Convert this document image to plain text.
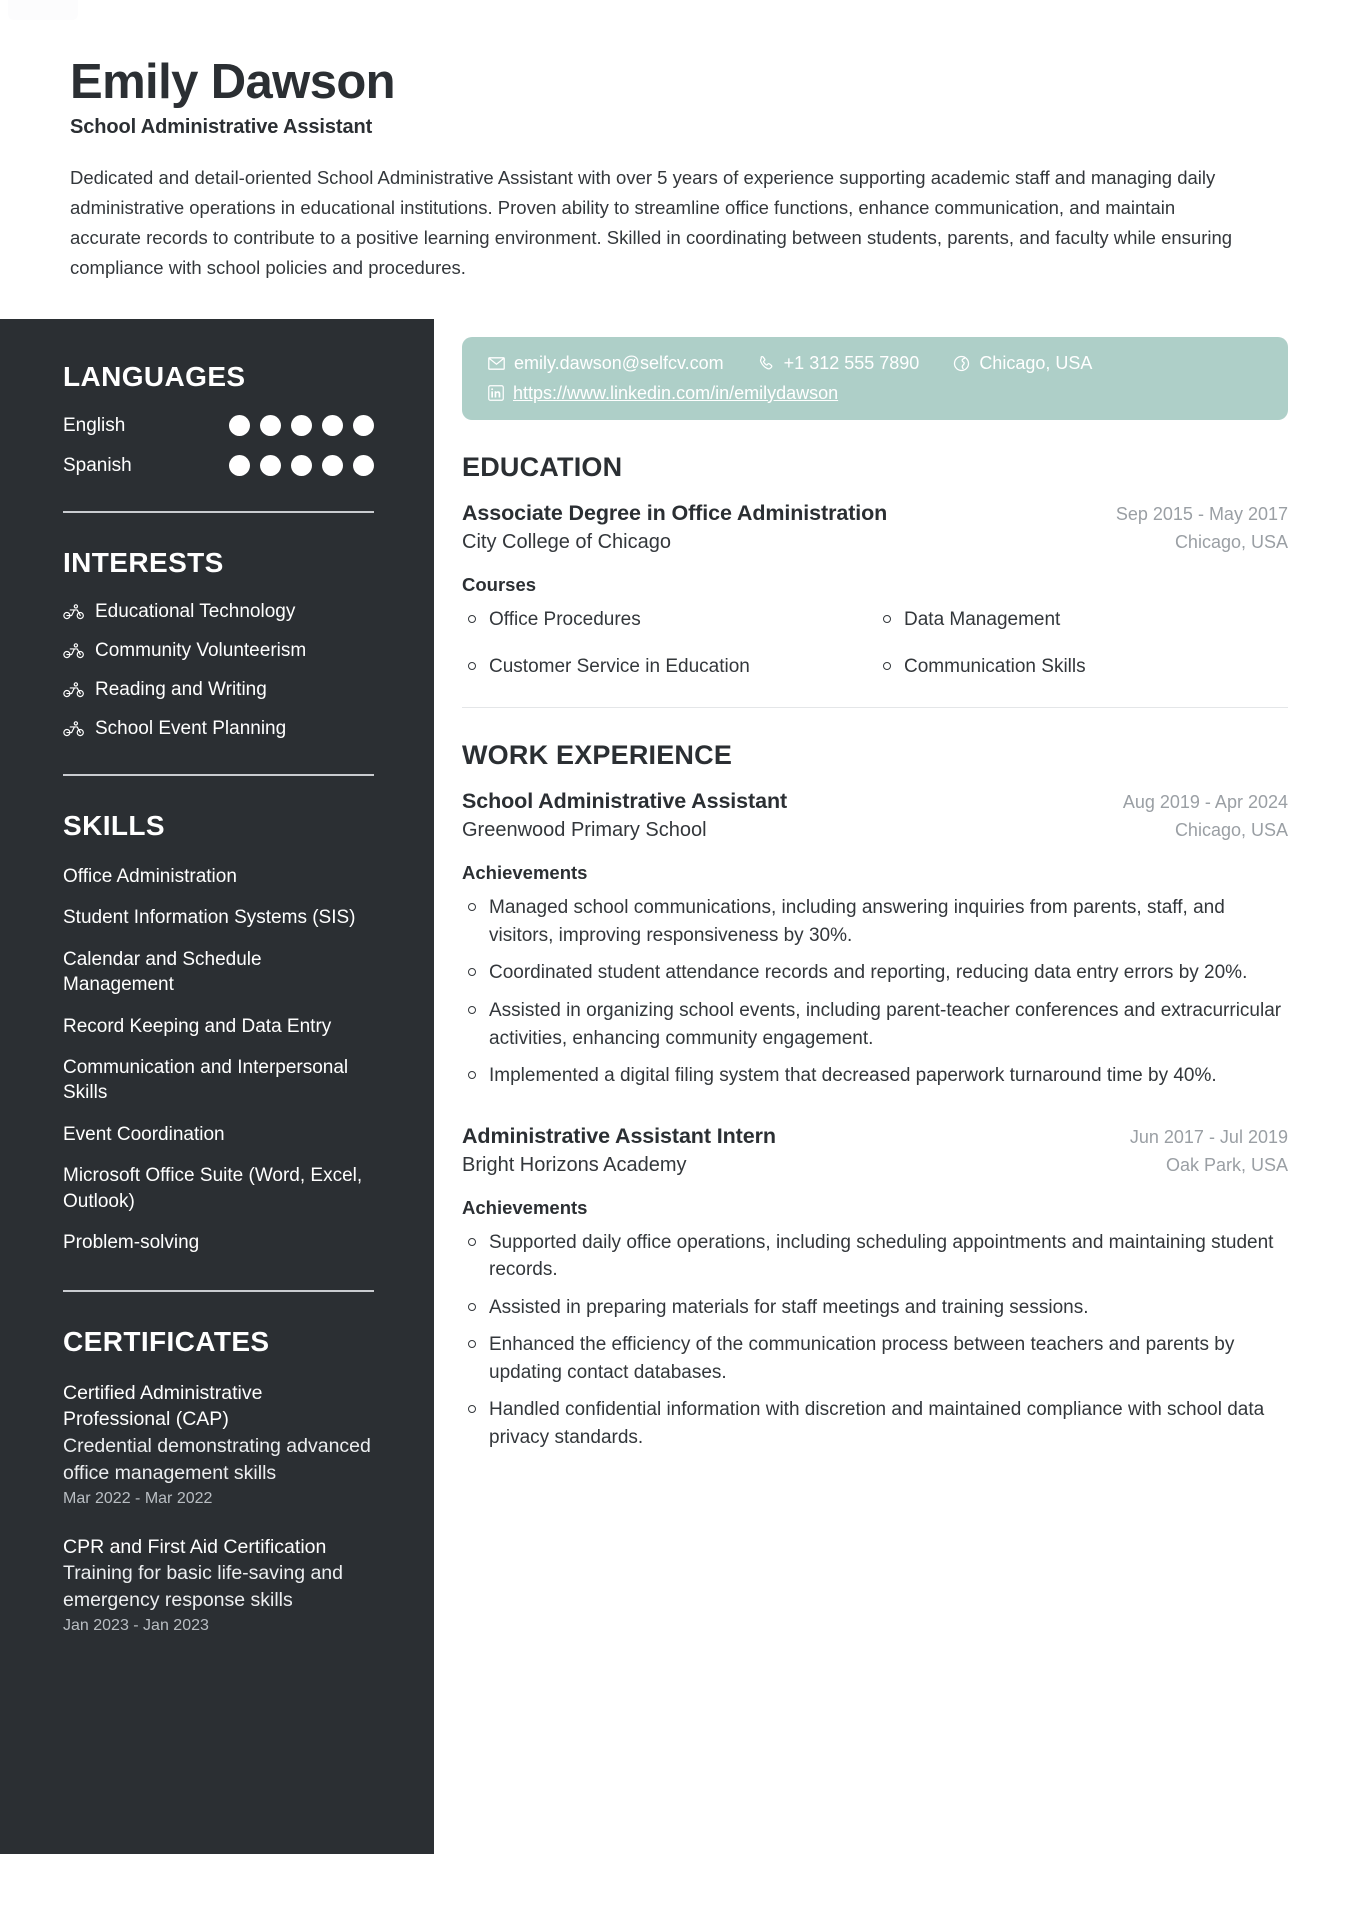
Emily Dawson
School Administrative Assistant
Dedicated and detail-oriented School Administrative Assistant with over 5 years of experience supporting academic staff and managing daily administrative operations in educational institutions. Proven ability to streamline office functions, enhance communication, and maintain accurate records to contribute to a positive learning environment. Skilled in coordinating between students, parents, and faculty while ensuring compliance with school policies and procedures.
LANGUAGES
English
Spanish
INTERESTS
Educational Technology
Community Volunteerism
Reading and Writing
School Event Planning
SKILLS
Office Administration
Student Information Systems (SIS)
Calendar and Schedule Management
Record Keeping and Data Entry
Communication and Interpersonal Skills
Event Coordination
Microsoft Office Suite (Word, Excel, Outlook)
Problem-solving
CERTIFICATES
Certified Administrative Professional (CAP)
Credential demonstrating advanced office management skills
Mar 2022 - Mar 2022
CPR and First Aid Certification
Training for basic life-saving and emergency response skills
Jan 2023 - Jan 2023
emily.dawson@selfcv.com	+1 312 555 7890	Chicago, USA
https://www.linkedin.com/in/emilydawson
EDUCATION
Associate Degree in Office Administration	Sep 2015 - May 2017
City College of Chicago	Chicago, USA
Courses
Office Procedures	Data Management
Customer Service in Education	Communication Skills
WORK EXPERIENCE
School Administrative Assistant	Aug 2019 - Apr 2024
Greenwood Primary School	Chicago, USA
Achievements
Managed school communications, including answering inquiries from parents, staff, and visitors, improving responsiveness by 30%.
Coordinated student attendance records and reporting, reducing data entry errors by 20%.
Assisted in organizing school events, including parent-teacher conferences and extracurricular activities, enhancing community engagement.
Implemented a digital filing system that decreased paperwork turnaround time by 40%.
Administrative Assistant Intern	Jun 2017 - Jul 2019
Bright Horizons Academy	Oak Park, USA
Achievements
Supported daily office operations, including scheduling appointments and maintaining student records.
Assisted in preparing materials for staff meetings and training sessions.
Enhanced the efficiency of the communication process between teachers and parents by updating contact databases.
Handled confidential information with discretion and maintained compliance with school data privacy standards.
